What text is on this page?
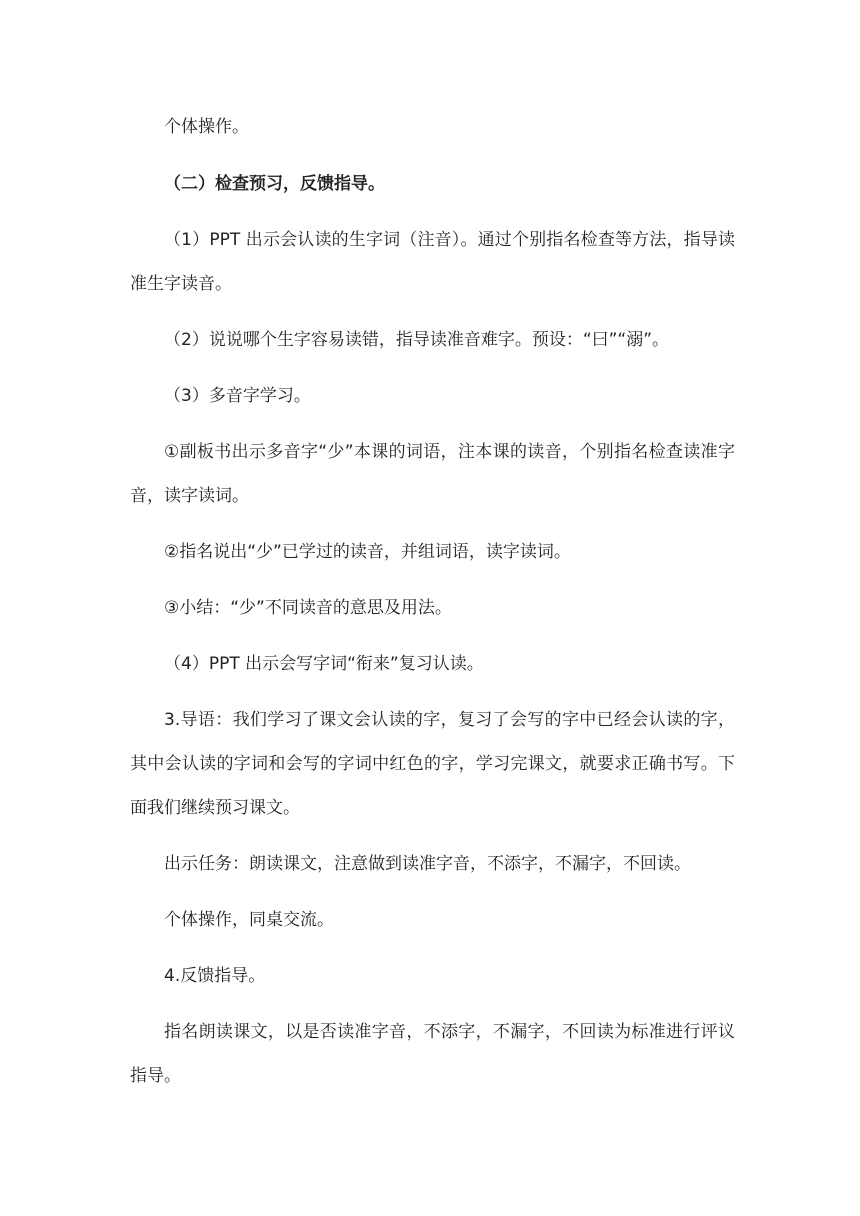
个体操作。

（二）检查预习，反馈指导。

（1）PPT 出示会认读的生字词（注音）。通过个别指名检查等方法，指导读准生字读音。

（2）说说哪个生字容易读错，指导读准音难字。预设：“曰”“溺”。

（3）多音字学习。

①副板书出示多音字“少”本课的词语，注本课的读音，个别指名检查读准字音，读字读词。

②指名说出“少”已学过的读音，并组词语，读字读词。

③小结：“少”不同读音的意思及用法。

（4）PPT 出示会写字词“衔来”复习认读。

3.导语：我们学习了课文会认读的字，复习了会写的字中已经会认读的字，其中会认读的字词和会写的字词中红色的字，学习完课文，就要求正确书写。下面我们继续预习课文。

出示任务：朗读课文，注意做到读准字音，不添字，不漏字，不回读。

个体操作，同桌交流。

4.反馈指导。

指名朗读课文，以是否读准字音，不添字，不漏字，不回读为标准进行评议指导。
